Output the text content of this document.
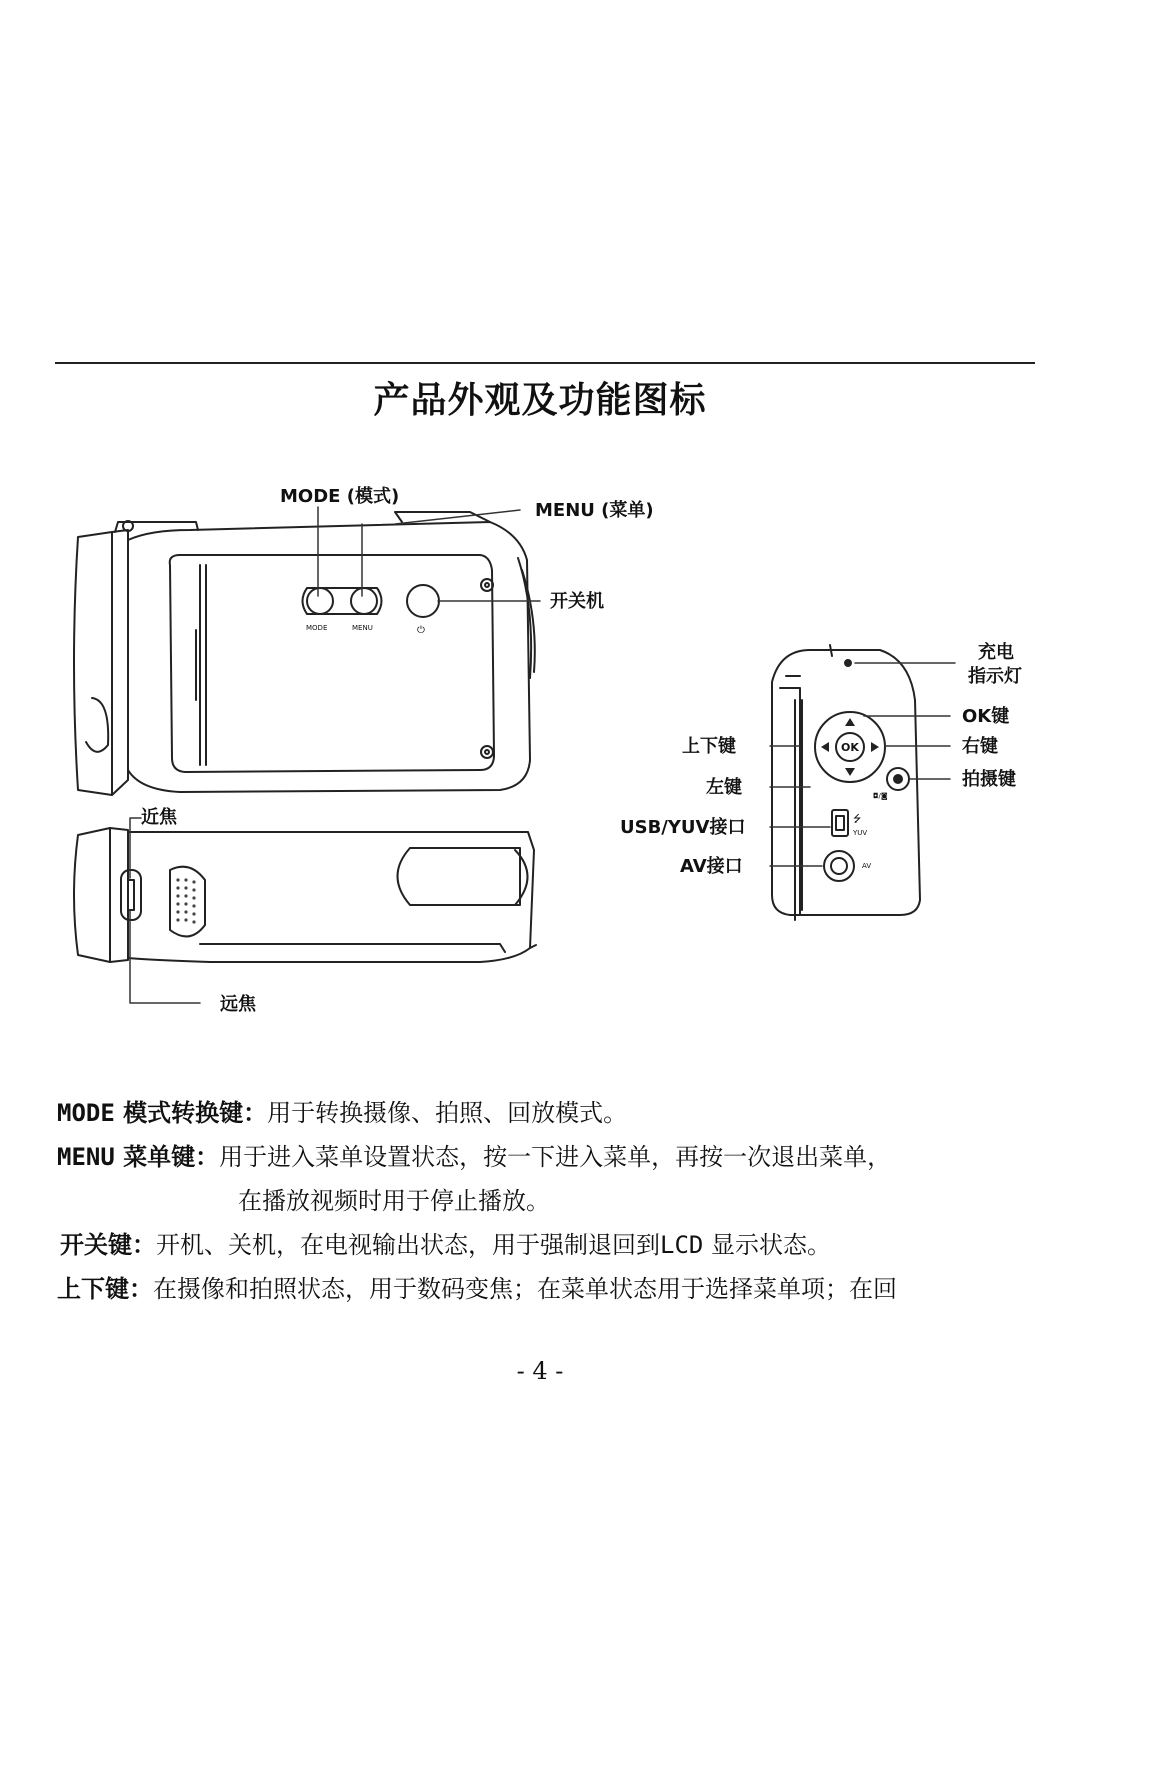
产品外观及功能图标
MODE	MENU	⏻
OK
⭍
YUV
AV
◘/◙
MODE (模式)
MENU (菜单)
开关机
充电
指示灯
OK键
上下键	右键
左键	拍摄键
USB/YUV接口
AV接口
近焦
远焦
MODE 模式转换键：用于转换摄像、拍照、回放模式。
MENU 菜单键：用于进入菜单设置状态，按一下进入菜单，再按一次退出菜单，
在播放视频时用于停止播放。
开关键：开机、关机，在电视输出状态，用于强制退回到LCD 显示状态。
上下键：在摄像和拍照状态，用于数码变焦；在菜单状态用于选择菜单项；在回
- 4 -
